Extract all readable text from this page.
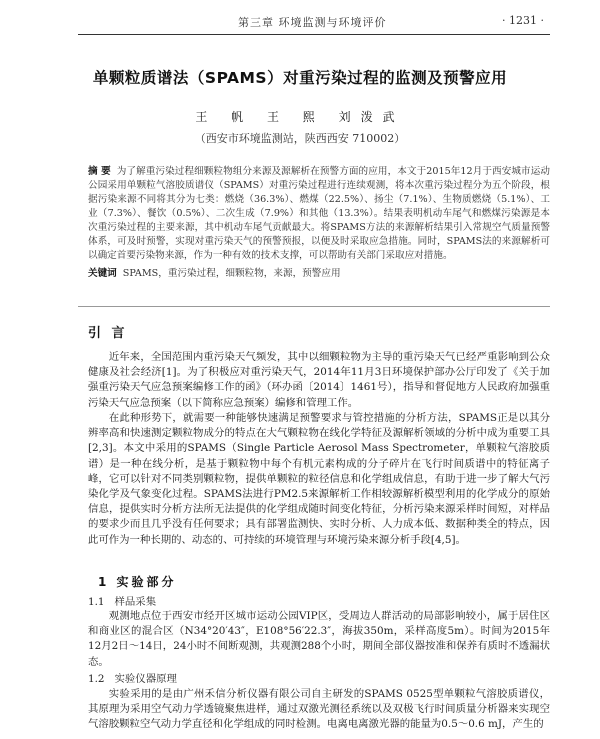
第三章 环境监测与环境评价	· 1231 ·
单颗粒质谱法（SPAMS）对重污染过程的监测及预警应用
王 帆 王 熙 刘泼武
（西安市环境监测站，陕西西安 710002）
摘 要 为了解重污染过程细颗粒物组分来源及源解析在预警方面的应用，本文于2015年12月于西安城市运动公园采用单颗粒气溶胶质谱仪（SPAMS）对重污染过程进行连续观测，将本次重污染过程分为五个阶段，根据污染来源不同将其分为七类：燃烧（36.3%）、燃煤（22.5%）、扬尘（7.1%）、生物质燃烧（5.1%）、工业（7.3%）、餐饮（0.5%）、二次生成（7.9%）和其他（13.3%）。结果表明机动车尾气和燃煤污染源是本次重污染过程的主要来源，其中机动车尾气贡献最大。将SPAMS方法的来源解析结果引入常规空气质量预警体系，可及时预警，实现对重污染天气的预警预报，以便及时采取应急措施。同时，SPAMS法的来源解析可以确定首要污染物来源，作为一种有效的技术支撑，可以帮助有关部门采取应对措施。
关键词 SPAMS，重污染过程，细颗粒物，来源，预警应用
引 言

近年来，全国范围内重污染天气频发，其中以细颗粒物为主导的重污染天气已经严重影响到公众健康及社会经济[1]。为了积极应对重污染天气，2014年11月3日环境保护部办公厅印发了《关于加强重污染天气应急预案编修工作的函》（环办函〔2014〕1461号），指导和督促地方人民政府加强重污染天气应急预案（以下简称应急预案）编修和管理工作。

在此种形势下，就需要一种能够快速满足预警要求与管控措施的分析方法，SPAMS正是以其分辨率高和快速测定颗粒物成分的特点在大气颗粒物在线化学特征及源解析领域的分析中成为重要工具[2,3]。本文中采用的SPAMS（Single Particle Aerosol Mass Spectrometer，单颗粒气溶胶质谱）是一种在线分析，是基于颗粒物中每个有机元素构成的分子碎片在飞行时间质谱中的特征离子峰，它可以针对不同类别颗粒物，提供单颗粒的粒径信息和化学组成信息，有助于进一步了解大气污染化学及气象变化过程。SPAMS法进行PM2.5来源解析工作相较源解析模型利用的化学成分的原始信息，提供实时分析方法所无法提供的化学组成随时间变化特征，分析污染来源采样时间短，对样品的要求少而且几乎没有任何要求；具有部署监测快、实时分析、人力成本低、数据种类全的特点，因此可作为一种长期的、动态的、可持续的环境管理与环境污染来源分析手段[4,5]。

1 实验部分
1.1 样品采集

观测地点位于西安市经开区城市运动公园VIP区，受周边人群活动的局部影响较小，属于居住区和商业区的混合区（N34°20′43″，E108°56′22.3″，海拔350m，采样高度5m）。时间为2015年12月2日～14日，24小时不间断观测，共观测288个小时，期间全部仪器按准和保养有质时不透漏状态。

1.2 实验仪器原理

实验采用的是由广州禾信分析仪器有限公司自主研发的SPAMS 0525型单颗粒气溶胶质谱仪，其原理为采用空气动力学透镜聚焦进样，通过双激光测径系统以及双极飞行时间质量分析器来实现空气溶胶颗粒空气动力学直径和化学组成的同时检测。电离电离激光器的能量为0.5～0.6 mJ，产生的
